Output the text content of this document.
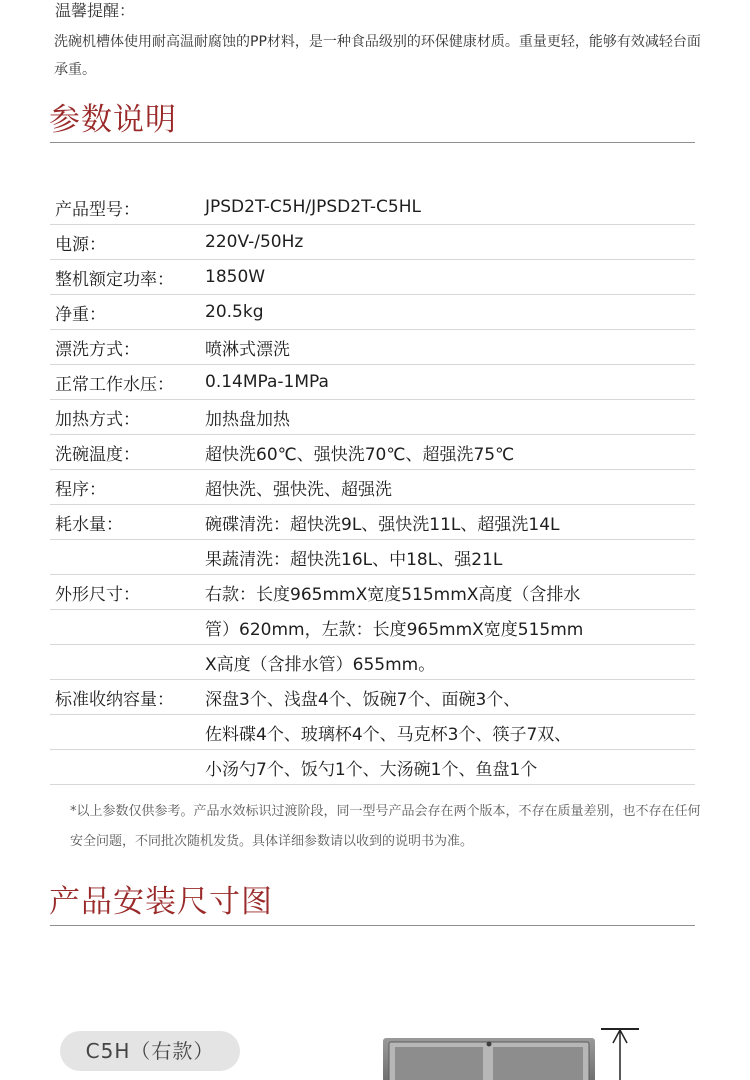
温馨提醒：

洗碗机槽体使用耐高温耐腐蚀的PP材料，是一种食品级别的环保健康材质。重量更轻，能够有效减轻台面承重。

参数说明
产品型号：	JPSD2T-C5H/JPSD2T-C5HL
电源：	220V-/50Hz
整机额定功率：	1850W
净重：	20.5kg
漂洗方式：	喷淋式漂洗
正常工作水压：	0.14MPa-1MPa
加热方式：	加热盘加热
洗碗温度：	超快洗60℃、强快洗70℃、超强洗75℃
程序：	超快洗、强快洗、超强洗
耗水量：	碗碟清洗：超快洗9L、强快洗11L、超强洗14L
	果蔬清洗：超快洗16L、中18L、强21L
外形尺寸：	右款：长度965mmX宽度515mmX高度（含排水
	管）620mm，左款：长度965mmX宽度515mm
	X高度（含排水管）655mm。
标准收纳容量：	深盘3个、浅盘4个、饭碗7个、面碗3个、
	佐料碟4个、玻璃杯4个、马克杯3个、筷子7双、
	小汤勺7个、饭勺1个、大汤碗1个、鱼盘1个

*以上参数仅供参考。产品水效标识过渡阶段，同一型号产品会存在两个版本，不存在质量差别，也不存在任何安全问题，不同批次随机发货。具体详细参数请以收到的说明书为准。

产品安装尺寸图
C5H（右款）
